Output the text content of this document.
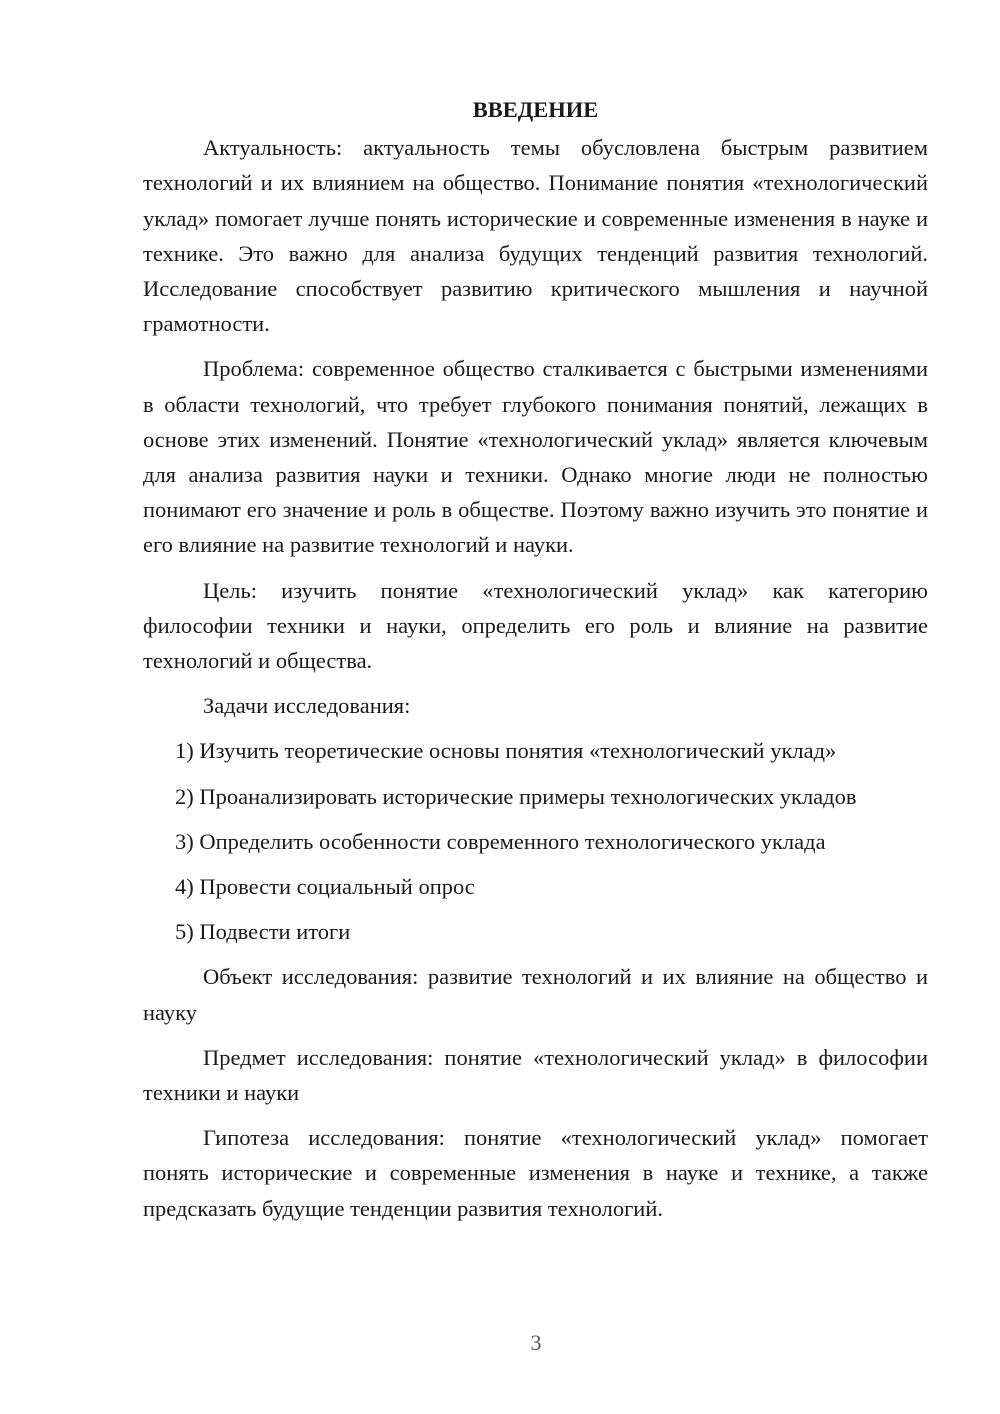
ВВЕДЕНИЕ

Актуальность: актуальность темы обусловлена быстрым развитием технологий и их влиянием на общество. Понимание понятия «технологический уклад» помогает лучше понять исторические и современные изменения в науке и технике. Это важно для анализа будущих тенденций развития технологий. Исследование способствует развитию критического мышления и научной грамотности.

Проблема: современное общество сталкивается с быстрыми изменениями в области технологий, что требует глубокого понимания понятий, лежащих в основе этих изменений. Понятие «технологический уклад» является ключевым для анализа развития науки и техники. Однако многие люди не полностью понимают его значение и роль в обществе. Поэтому важно изучить это понятие и его влияние на развитие технологий и науки.

Цель: изучить понятие «технологический уклад» как категорию философии техники и науки, определить его роль и влияние на развитие технологий и общества.

Задачи исследования:

1) Изучить теоретические основы понятия «технологический уклад»

2) Проанализировать исторические примеры технологических укладов

3) Определить особенности современного технологического уклада

4) Провести социальный опрос

5) Подвести итоги

Объект исследования: развитие технологий и их влияние на общество и науку

Предмет исследования: понятие «технологический уклад» в философии техники и науки

Гипотеза исследования: понятие «технологический уклад» помогает понять исторические и современные изменения в науке и технике, а также предсказать будущие тенденции развития технологий.

3
